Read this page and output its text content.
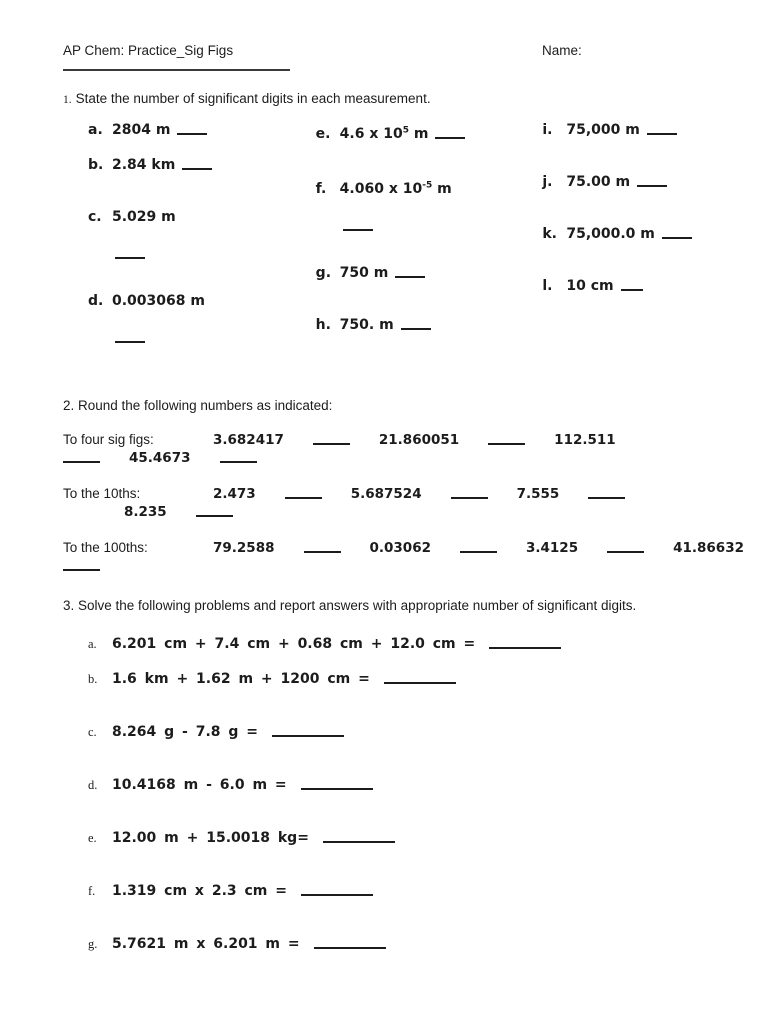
AP Chem: Practice_Sig Figs	Name:
1. State the number of significant digits in each measurement.
a. 2804 m
b. 2.84 km
c. 5.029 m
d. 0.003068 m
e. 4.6 x $10^5$ m
f. 4.060 x $10^{-5}$ m
g. 750 m
h. 750. m
i. 75,000 m
j. 75.00 m
k. 75,000.0 m
l. 10 cm
2. Round the following numbers as indicated:
To four sig figs:	3.682417	21.860051	112.511
45.4673
To the 10ths:	2.473	5.687524	7.555
8.235
To the 100ths:	79.2588	0.03062	3.4125	41.86632
3. Solve the following problems and report answers with appropriate number of significant digits.
a. 6.201 cm + 7.4 cm + 0.68 cm + 12.0 cm =
b. 1.6 km + 1.62 m + 1200 cm =
c. 8.264 g - 7.8 g =
d. 10.4168 m - 6.0 m =
e. 12.00 m + 15.0018 kg=
f. 1.319 cm x 2.3 cm =
g. 5.7621 m x 6.201 m =
